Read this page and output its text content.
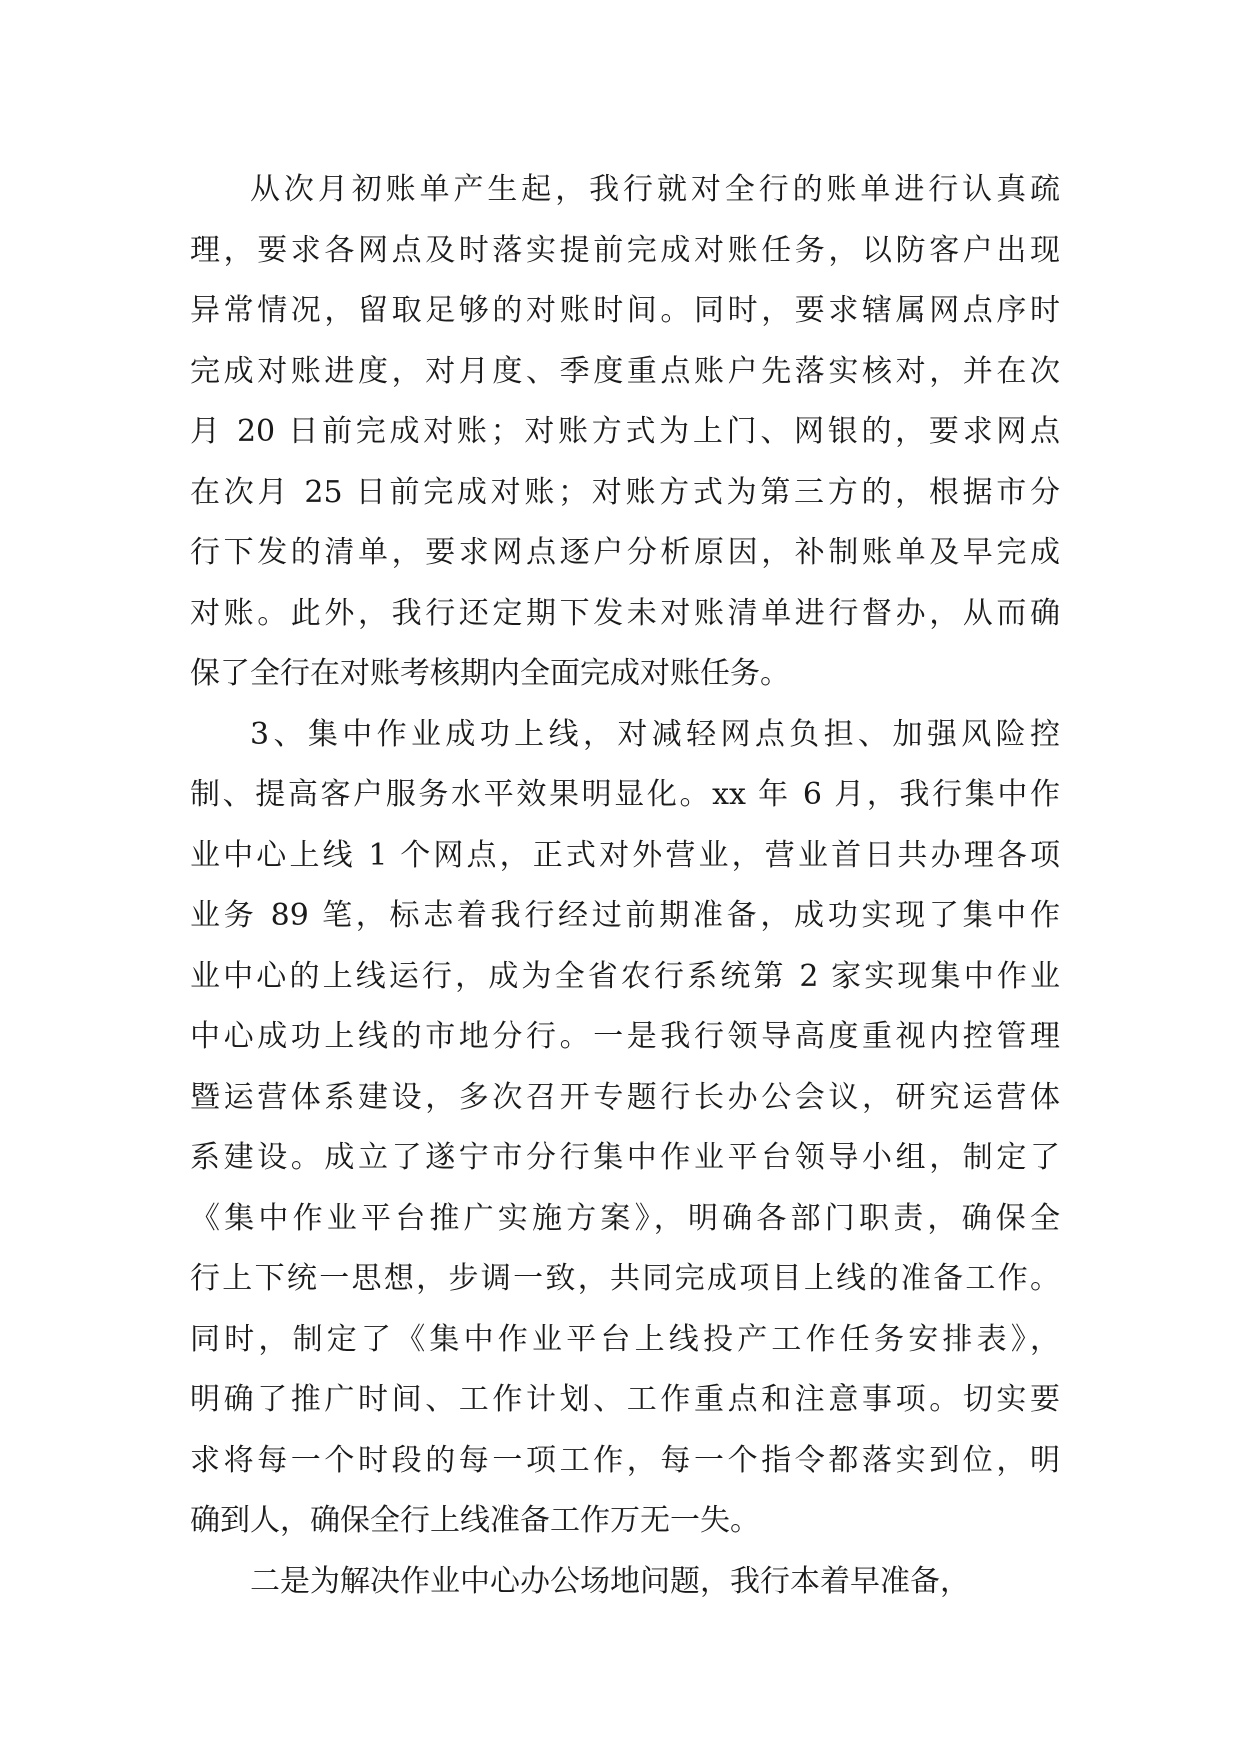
从次月初账单产生起，我行就对全行的账单进行认真疏
理，要求各网点及时落实提前完成对账任务，以防客户出现
异常情况，留取足够的对账时间。同时，要求辖属网点序时
完成对账进度，对月度、季度重点账户先落实核对，并在次
月 20 日前完成对账；对账方式为上门、网银的，要求网点
在次月 25 日前完成对账；对账方式为第三方的，根据市分
行下发的清单，要求网点逐户分析原因，补制账单及早完成
对账。此外，我行还定期下发未对账清单进行督办，从而确
保了全行在对账考核期内全面完成对账任务。
3、集中作业成功上线，对减轻网点负担、加强风险控
制、提高客户服务水平效果明显化。xx 年 6 月，我行集中作
业中心上线 1 个网点，正式对外营业，营业首日共办理各项
业务 89 笔，标志着我行经过前期准备，成功实现了集中作
业中心的上线运行，成为全省农行系统第 2 家实现集中作业
中心成功上线的市地分行。一是我行领导高度重视内控管理
暨运营体系建设，多次召开专题行长办公会议，研究运营体
系建设。成立了遂宁市分行集中作业平台领导小组，制定了
《集中作业平台推广实施方案》，明确各部门职责，确保全
行上下统一思想，步调一致，共同完成项目上线的准备工作。
同时，制定了《集中作业平台上线投产工作任务安排表》，
明确了推广时间、工作计划、工作重点和注意事项。切实要
求将每一个时段的每一项工作，每一个指令都落实到位，明
确到人，确保全行上线准备工作万无一失。
二是为解决作业中心办公场地问题，我行本着早准备，
